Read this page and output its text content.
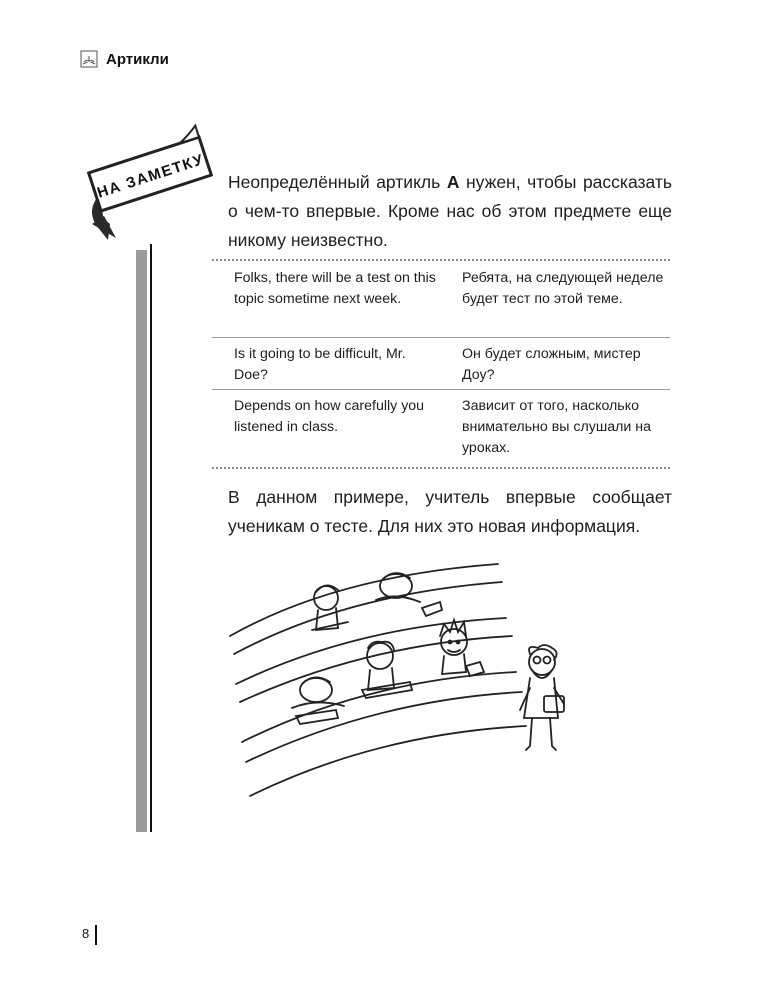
Артикли
НА ЗАМЕТКУ Неопределённый артикль A нужен, чтобы рассказать о чем-то впервые. Кроме нас об этом предмете еще никому неизвестно.
Folks, there will be a test on this topic sometime next week.
Ребята, на следующей неделе будет тест по этой теме.
Is it going to be difficult, Mr. Doe?
Он будет сложным, мистер Доу?
Depends on how carefully you listened in class.
Зависит от того, насколько внимательно вы слушали на уроках.
В данном примере, учитель впервые сообщает ученикам о тесте. Для них это новая информация.
8
